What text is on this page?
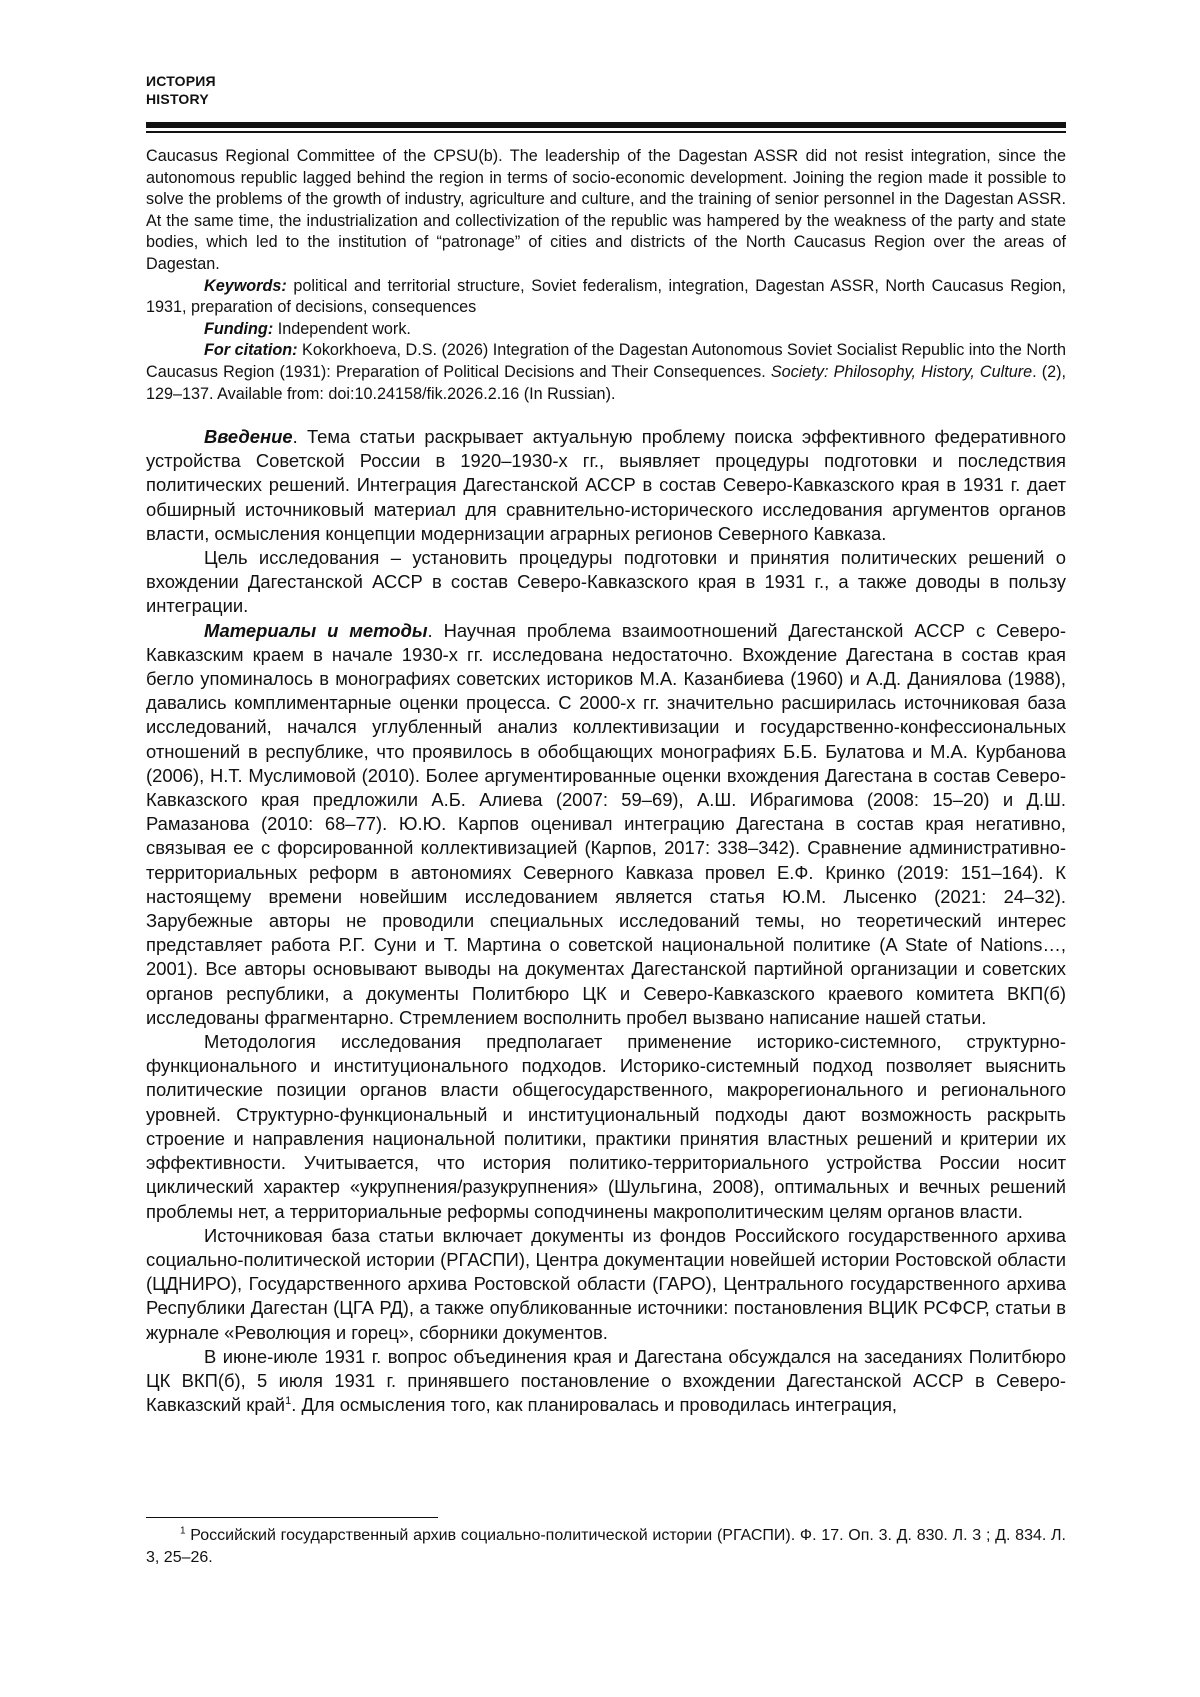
ИСТОРИЯ
HISTORY

Caucasus Regional Committee of the CPSU(b). The leadership of the Dagestan ASSR did not resist integration, since the autonomous republic lagged behind the region in terms of socio-economic development. Joining the region made it possible to solve the problems of the growth of industry, agriculture and culture, and the training of senior personnel in the Dagestan ASSR. At the same time, the industrialization and collectivization of the republic was hampered by the weakness of the party and state bodies, which led to the institution of “patronage” of cities and districts of the North Caucasus Region over the areas of Dagestan.

Keywords: political and territorial structure, Soviet federalism, integration, Dagestan ASSR, North Caucasus Region, 1931, preparation of decisions, consequences

Funding: Independent work.

For citation: Kokorkhoeva, D.S. (2026) Integration of the Dagestan Autonomous Soviet Socialist Republic into the North Caucasus Region (1931): Preparation of Political Decisions and Their Consequences. Society: Philosophy, History, Culture. (2), 129–137. Available from: doi:10.24158/fik.2026.2.16 (In Russian).

Введение. Тема статьи раскрывает актуальную проблему поиска эффективного федеративного устройства Советской России в 1920–1930-х гг., выявляет процедуры подготовки и последствия политических решений. Интеграция Дагестанской АССР в состав Северо-Кавказского края в 1931 г. дает обширный источниковый материал для сравнительно-исторического исследования аргументов органов власти, осмысления концепции модернизации аграрных регионов Северного Кавказа.

Цель исследования – установить процедуры подготовки и принятия политических решений о вхождении Дагестанской АССР в состав Северо-Кавказского края в 1931 г., а также доводы в пользу интеграции.

Материалы и методы. Научная проблема взаимоотношений Дагестанской АССР с Северо-Кавказским краем в начале 1930-х гг. исследована недостаточно. Вхождение Дагестана в состав края бегло упоминалось в монографиях советских историков М.А. Казанбиева (1960) и А.Д. Даниялова (1988), давались комплиментарные оценки процесса. С 2000-х гг. значительно расширилась источниковая база исследований, начался углубленный анализ коллективизации и государственно-конфессиональных отношений в республике, что проявилось в обобщающих монографиях Б.Б. Булатова и М.А. Курбанова (2006), Н.Т. Муслимовой (2010). Более аргументированные оценки вхождения Дагестана в состав Северо-Кавказского края предложили А.Б. Алиева (2007: 59–69), А.Ш. Ибрагимова (2008: 15–20) и Д.Ш. Рамазанова (2010: 68–77). Ю.Ю. Карпов оценивал интеграцию Дагестана в состав края негативно, связывая ее с форсированной коллективизацией (Карпов, 2017: 338–342). Сравнение административно-территориальных реформ в автономиях Северного Кавказа провел Е.Ф. Кринко (2019: 151–164). К настоящему времени новейшим исследованием является статья Ю.М. Лысенко (2021: 24–32). Зарубежные авторы не проводили специальных исследований темы, но теоретический интерес представляет работа Р.Г. Суни и Т. Мартина о советской национальной политике (A State of Nations…, 2001). Все авторы основывают выводы на документах Дагестанской партийной организации и советских органов республики, а документы Политбюро ЦК и Северо-Кавказского краевого комитета ВКП(б) исследованы фрагментарно. Стремлением восполнить пробел вызвано написание нашей статьи.

Методология исследования предполагает применение историко-системного, структурно-функционального и институционального подходов. Историко-системный подход позволяет выяснить политические позиции органов власти общегосударственного, макрорегионального и регионального уровней. Структурно-функциональный и институциональный подходы дают возможность раскрыть строение и направления национальной политики, практики принятия властных решений и критерии их эффективности. Учитывается, что история политико-территориального устройства России носит циклический характер «укрупнения/разукрупнения» (Шульгина, 2008), оптимальных и вечных решений проблемы нет, а территориальные реформы соподчинены макрополитическим целям органов власти.

Источниковая база статьи включает документы из фондов Российского государственного архива социально-политической истории (РГАСПИ), Центра документации новейшей истории Ростовской области (ЦДНИРО), Государственного архива Ростовской области (ГАРО), Центрального государственного архива Республики Дагестан (ЦГА РД), а также опубликованные источники: постановления ВЦИК РСФСР, статьи в журнале «Революция и горец», сборники документов.

В июне-июле 1931 г. вопрос объединения края и Дагестана обсуждался на заседаниях Политбюро ЦК ВКП(б), 5 июля 1931 г. принявшего постановление о вхождении Дагестанской АССР в Северо-Кавказский край$^1$. Для осмысления того, как планировалась и проводилась интеграция,

$^1$ Российский государственный архив социально-политической истории (РГАСПИ). Ф. 17. Оп. 3. Д. 830. Л. 3 ; Д. 834. Л. 3, 25–26.
